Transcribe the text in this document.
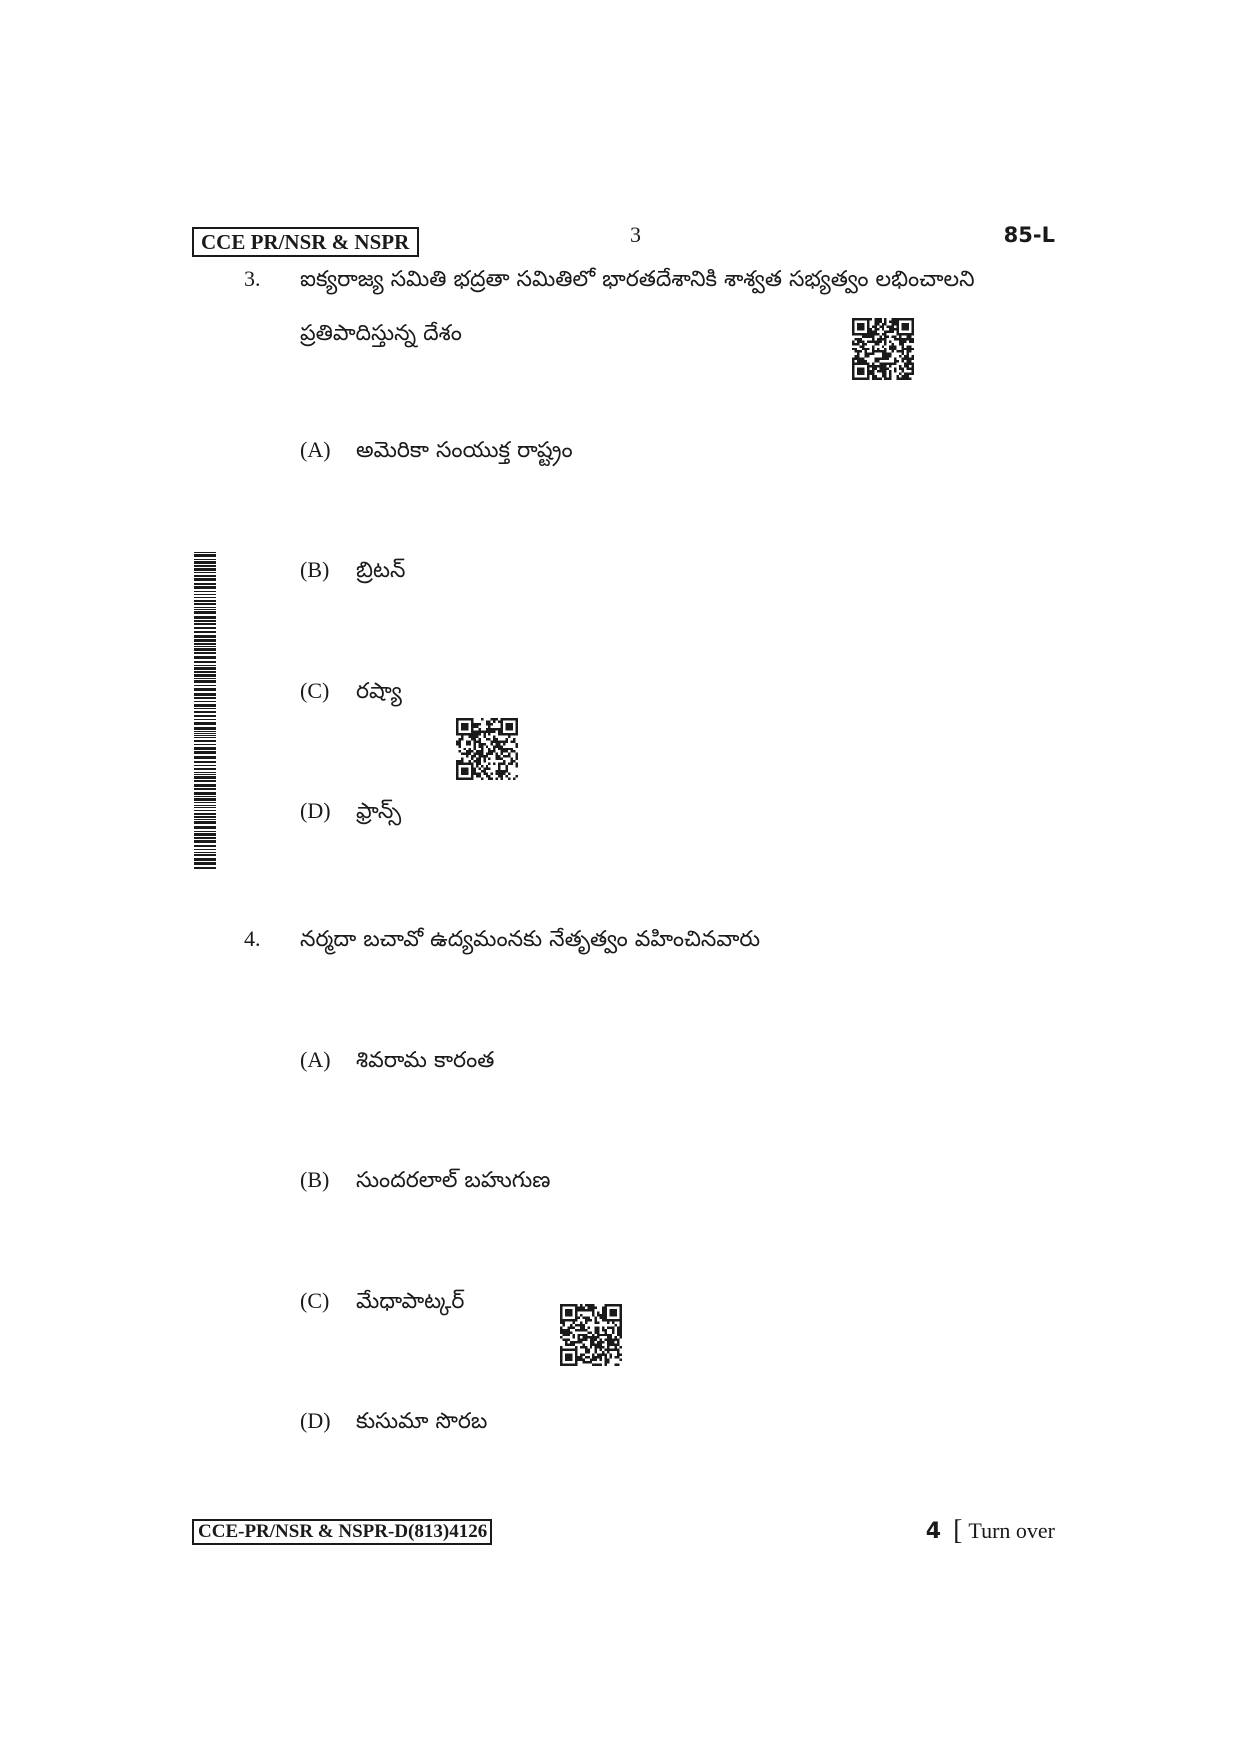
CCE PR/NSR & NSPR	3	85-L
3. ఐక్యరాజ్య సమితి భద్రతా సమితిలో భారతదేశానికి శాశ్వత సభ్యత్వం లభించాలని
ప్రతిపాదిస్తున్న దేశం
(A) అమెరికా సంయుక్త రాష్ట్రం
(B) బ్రిటన్
(C) రష్యా
(D) ఫ్రాన్స్
4. నర్మదా బచావో ఉద్యమంనకు నేతృత్వం వహించినవారు
(A) శివరామ కారంత
(B) సుందరలాల్ బహుగుణ
(C) మేధాపాట్కర్
(D) కుసుమా సొరబ
CCE-PR/NSR & NSPR-D(813)4126	4 [ Turn over
